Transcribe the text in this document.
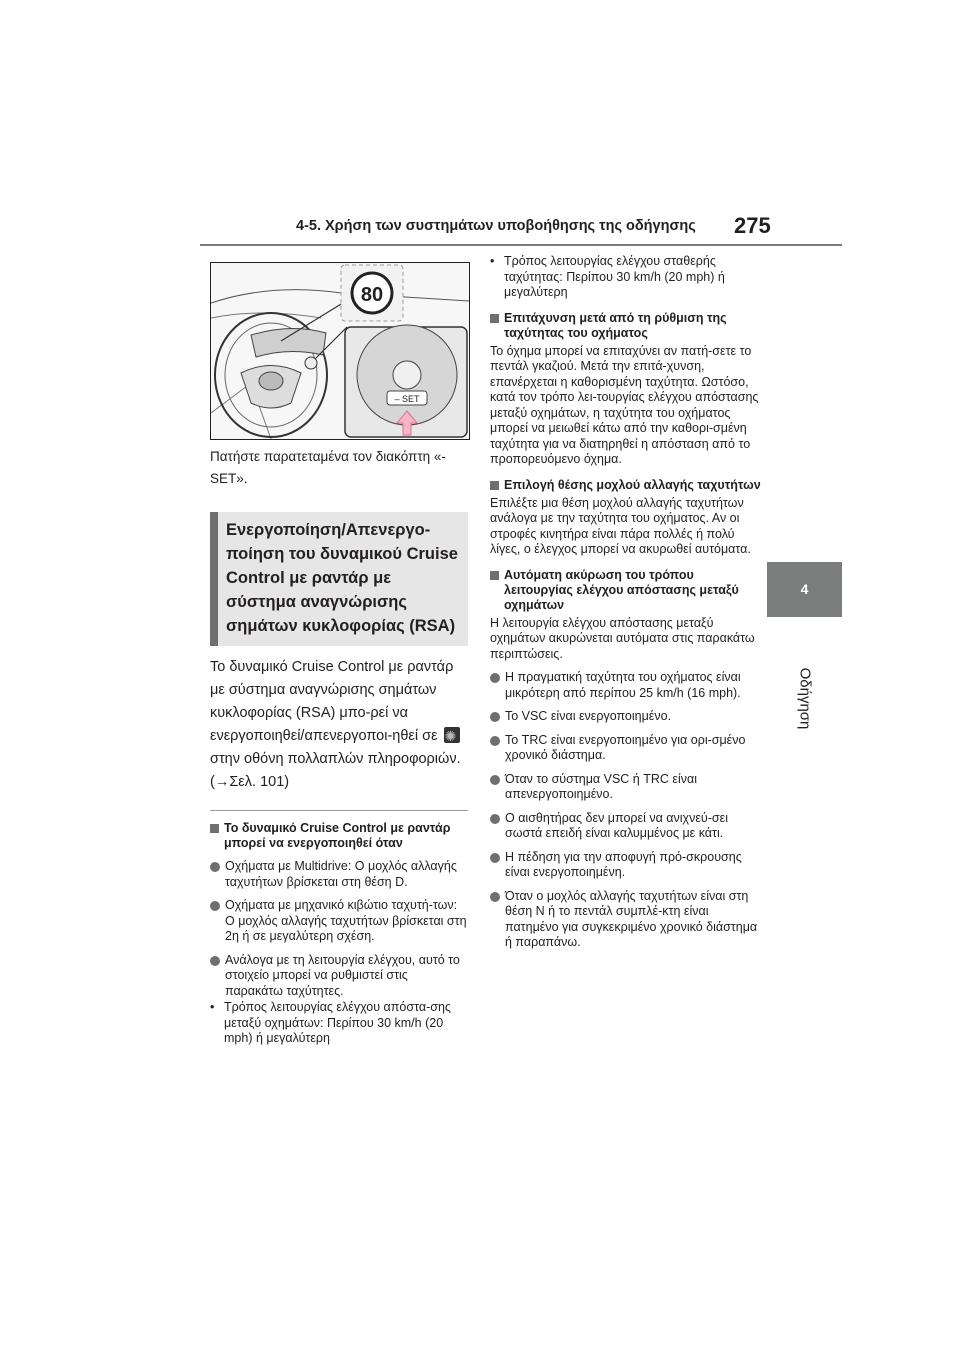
4-5. Χρήση των συστημάτων υποβοήθησης της οδήγησης 275
4
Οδήγηση
80
– SET
Πατήστε παρατεταμένα τον διακόπτη «-SET».
Ενεργοποίηση/Απενεργο-ποίηση του δυναμικού Cruise Control με ραντάρ με σύστημα αναγνώρισης σημάτων κυκλοφορίας (RSA)
Το δυναμικό Cruise Control με ραντάρ με σύστημα αναγνώρισης σημάτων κυκλοφορίας (RSA) μπο-ρεί να ενεργοποιηθεί/απενεργοποι-ηθεί σε ✺ στην οθόνη πολλαπλών πληροφοριών. (→Σελ. 101)
Το δυναμικό Cruise Control με ραντάρ μπορεί να ενεργοποιηθεί όταν
Οχήματα με Multidrive: Ο μοχλός αλλαγής ταχυτήτων βρίσκεται στη θέση D.
Οχήματα με μηχανικό κιβώτιο ταχυτή-των: Ο μοχλός αλλαγής ταχυτήτων βρίσκεται στη 2η ή σε μεγαλύτερη σχέση.
Ανάλογα με τη λειτουργία ελέγχου, αυτό το στοιχείο μπορεί να ρυθμιστεί στις παρακάτω ταχύτητες.
• Τρόπος λειτουργίας ελέγχου απόστα-σης μεταξύ οχημάτων: Περίπου 30 km/h (20 mph) ή μεγαλύτερη
• Τρόπος λειτουργίας ελέγχου σταθερής ταχύτητας: Περίπου 30 km/h (20 mph) ή μεγαλύτερη
Επιτάχυνση μετά από τη ρύθμιση της ταχύτητας του οχήματος
Το όχημα μπορεί να επιταχύνει αν πατή-σετε το πεντάλ γκαζιού. Μετά την επιτά-χυνση, επανέρχεται η καθορισμένη ταχύτητα. Ωστόσο, κατά τον τρόπο λει-τουργίας ελέγχου απόστασης μεταξύ οχημάτων, η ταχύτητα του οχήματος μπορεί να μειωθεί κάτω από την καθορι-σμένη ταχύτητα για να διατηρηθεί η απόσταση από το προπορευόμενο όχημα.
Επιλογή θέσης μοχλού αλλαγής ταχυτήτων
Επιλέξτε μια θέση μοχλού αλλαγής ταχυτήτων ανάλογα με την ταχύτητα του οχήματος. Αν οι στροφές κινητήρα είναι πάρα πολλές ή πολύ λίγες, ο έλεγχος μπορεί να ακυρωθεί αυτόματα.
Αυτόματη ακύρωση του τρόπου λειτουργίας ελέγχου απόστασης μεταξύ οχημάτων
Η λειτουργία ελέγχου απόστασης μεταξύ οχημάτων ακυρώνεται αυτόματα στις παρακάτω περιπτώσεις.
Η πραγματική ταχύτητα του οχήματος είναι μικρότερη από περίπου 25 km/h (16 mph).
Το VSC είναι ενεργοποιημένο.
Το TRC είναι ενεργοποιημένο για ορι-σμένο χρονικό διάστημα.
Όταν το σύστημα VSC ή TRC είναι απενεργοποιημένο.
Ο αισθητήρας δεν μπορεί να ανιχνεύ-σει σωστά επειδή είναι καλυμμένος με κάτι.
Η πέδηση για την αποφυγή πρό-σκρουσης είναι ενεργοποιημένη.
Όταν ο μοχλός αλλαγής ταχυτήτων είναι στη θέση N ή το πεντάλ συμπλέ-κτη είναι πατημένο για συγκεκριμένο χρονικό διάστημα ή παραπάνω.
